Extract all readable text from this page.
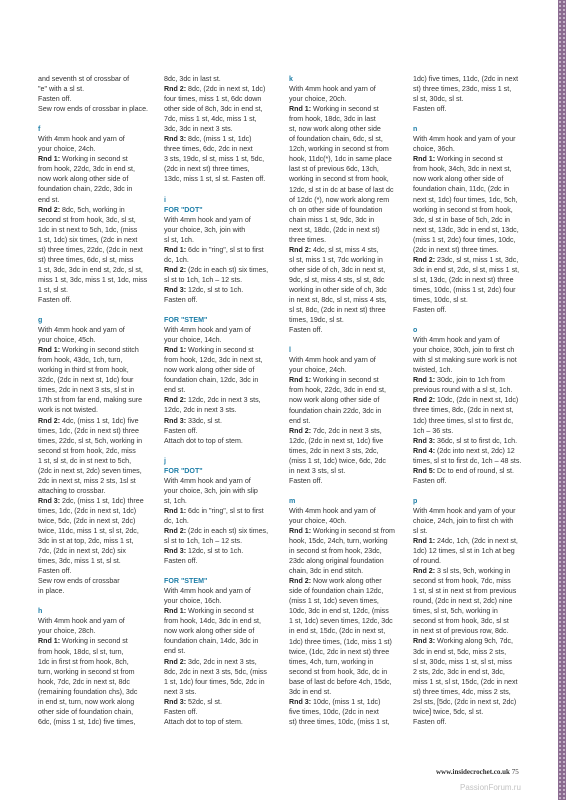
and seventh st of crossbar of

"e" with a sl st.

Fasten off.

Sew row ends of crossbar in place.

f

With 4mm hook and yarn of

your choice, 24ch.

Rnd 1: Working in second st

from hook, 22dc, 3dc in end st,

now work along other side of

foundation chain, 22dc, 3dc in

end st.

Rnd 2: 8dc, 5ch, working in

second st from hook, 3dc, sl st,

1dc in st next to 5ch, 1dc, (miss

1 st, 1dc) six times, (2dc in next

st) three times, 22dc, (2dc in next

st) three times, 6dc, sl st, miss

1 st, 3dc, 3dc in end st, 2dc, sl st,

miss 1 st, 3dc, miss 1 st, 1dc, miss

1 st, sl st.

Fasten off.

g

With 4mm hook and yarn of

your choice, 45ch.

Rnd 1: Working in second stitch

from hook, 43dc, 1ch, turn,

working in third st from hook,

32dc, (2dc in next st, 1dc) four

times, 2dc in next 3 sts, sl st in

17th st from far end, making sure

work is not twisted.

Rnd 2: 4dc, (miss 1 st, 1dc) five

times, 1dc, (2dc in next st) three

times, 22dc, sl st, 5ch, working in

second st from hook, 2dc, miss

1 st, sl st, dc in st next to 5ch,

(2dc in next st, 2dc) seven times,

2dc in next st, miss 2 sts, 1sl st

attaching to crossbar.

Rnd 3: 2dc, (miss 1 st, 1dc) three

times, 1dc, (2dc in next st, 1dc)

twice, 5dc, (2dc in next st, 2dc)

twice, 11dc, miss 1 st, sl st, 2dc,

3dc in st at top, 2dc, miss 1 st,

7dc, (2dc in next st, 2dc) six

times, 3dc, miss 1 st, sl st.

Fasten off.

Sew row ends of crossbar

in place.

h

With 4mm hook and yarn of

your choice, 28ch.

Rnd 1: Working in second st

from hook, 18dc, sl st, turn,

1dc in first st from hook, 8ch,

turn, working in second st from

hook, 7dc, 2dc in next st, 8dc

(remaining foundation chs), 3dc

in end st, turn, now work along

other side of foundation chain,

6dc, (miss 1 st, 1dc) five times,

8dc, 3dc in last st.

Rnd 2: 8dc, (2dc in next st, 1dc)

four times, miss 1 st, 6dc down

other side of 8ch, 3dc in end st,

7dc, miss 1 st, 4dc, miss 1 st,

3dc, 3dc in next 3 sts.

Rnd 3: 8dc, (miss 1 st, 1dc)

three times, 6dc, 2dc in next

3 sts, 19dc, sl st, miss 1 st, 5dc,

(2dc in next st) three times,

13dc, miss 1 st, sl st. Fasten off.

i

FOR "DOT"

With 4mm hook and yarn of

your choice, 3ch, join with

sl st, 1ch.

Rnd 1: 6dc in "ring", sl st to first

dc, 1ch.

Rnd 2: (2dc in each st) six times,

sl st to 1ch, 1ch – 12 sts.

Rnd 3: 12dc, sl st to 1ch.

Fasten off.

FOR "STEM"

With 4mm hook and yarn of

your choice, 14ch.

Rnd 1: Working in second st

from hook, 12dc, 3dc in next st,

now work along other side of

foundation chain, 12dc, 3dc in

end st.

Rnd 2: 12dc, 2dc in next 3 sts,

12dc, 2dc in next 3 sts.

Rnd 3: 33dc, sl st.

Fasten off.

Attach dot to top of stem.

j

FOR "DOT"

With 4mm hook and yarn of

your choice, 3ch, join with slip

st, 1ch.

Rnd 1: 6dc in "ring", sl st to first

dc, 1ch.

Rnd 2: (2dc in each st) six times,

sl st to 1ch, 1ch – 12 sts.

Rnd 3: 12dc, sl st to 1ch.

Fasten off.

FOR "STEM"

With 4mm hook and yarn of

your choice, 16ch.

Rnd 1: Working in second st

from hook, 14dc, 3dc in end st,

now work along other side of

foundation chain, 14dc, 3dc in

end st.

Rnd 2: 3dc, 2dc in next 3 sts,

8dc, 2dc in next 3 sts, 5dc, (miss

1 st, 1dc) four times, 5dc, 2dc in

next 3 sts.

Rnd 3: 52dc, sl st.

Fasten off.

Attach dot to top of stem.

k

With 4mm hook and yarn of

your choice, 20ch.

Rnd 1: Working in second st

from hook, 18dc, 3dc in last

st, now work along other side

of foundation chain, 6dc, sl st,

12ch, working in second st from

hook, 11dc(*), 1dc in same place

last st of previous 6dc, 13ch,

working in second st from hook,

12dc, sl st in dc at base of last dc

of 12dc (*), now work along rem

ch on other side of foundation

chain miss 1 st, 9dc, 3dc in

next st, 18dc, (2dc in next st)

three times.

Rnd 2: 4dc, sl st, miss 4 sts,

sl st, miss 1 st, 7dc working in

other side of ch, 3dc in next st,

9dc, sl st, miss 4 sts, sl st, 8dc

working in other side of ch, 3dc

in next st, 8dc, sl st, miss 4 sts,

sl st, 8dc, (2dc in next st) three

times, 19dc, sl st.

Fasten off.

l

With 4mm hook and yarn of

your choice, 24ch.

Rnd 1: Working in second st

from hook, 22dc, 3dc in end st,

now work along other side of

foundation chain 22dc, 3dc in

end st.

Rnd 2: 7dc, 2dc in next 3 sts,

12dc, (2dc in next st, 1dc) five

times, 2dc in next 3 sts, 2dc,

(miss 1 st, 1dc) twice, 6dc, 2dc

in next 3 sts, sl st.

Fasten off.

m

With 4mm hook and yarn of

your choice, 40ch.

Rnd 1: Working in second st from

hook, 15dc, 24ch, turn, working

in second st from hook, 23dc,

23dc along original foundation

chain, 3dc in end stitch.

Rnd 2: Now work along other

side of foundation chain 12dc,

(miss 1 st, 1dc) seven times,

10dc, 3dc in end st, 12dc, (miss

1 st, 1dc) seven times, 12dc, 3dc

in end st, 15dc, (2dc in next st,

1dc) three times, (1dc, miss 1 st)

twice, (1dc, 2dc in next st) three

times, 4ch, turn, working in

second st from hook, 3dc, dc in

base of last dc before 4ch, 15dc,

3dc in end st.

Rnd 3: 10dc, (miss 1 st, 1dc)

five times, 10dc, (2dc in next

st) three times, 10dc, (miss 1 st,

1dc) five times, 11dc, (2dc in next

st) three times, 23dc, miss 1 st,

sl st, 30dc, sl st.

Fasten off.

n

With 4mm hook and yarn of your

choice, 36ch.

Rnd 1: Working in second st

from hook, 34ch, 3dc in next st,

now work along other side of

foundation chain, 11dc, (2dc in

next st, 1dc) four times, 1dc, 5ch,

working in second st from hook,

3dc, sl st in base of 5ch, 2dc in

next st, 13dc, 3dc in end st, 13dc,

(miss 1 st, 2dc) four times, 10dc,

(2dc in next st) three times.

Rnd 2: 23dc, sl st, miss 1 st, 3dc,

3dc in end st, 2dc, sl st, miss 1 st,

sl st, 13dc, (2dc in next st) three

times, 10dc, (miss 1 st, 2dc) four

times, 10dc, sl st.

Fasten off.

o

With 4mm hook and yarn of

your choice, 30ch, join to first ch

with sl st making sure work is not

twisted, 1ch.

Rnd 1: 30dc, join to 1ch from

previous round with a sl st, 1ch.

Rnd 2: 10dc, (2dc in next st, 1dc)

three times, 8dc, (2dc in next st,

1dc) three times, sl st to first dc,

1ch – 36 sts.

Rnd 3: 36dc, sl st to first dc, 1ch.

Rnd 4: (2dc into next st, 2dc) 12

times, sl st to first dc, 1ch – 48 sts.

Rnd 5: Dc to end of round, sl st.

Fasten off.

p

With 4mm hook and yarn of your

choice, 24ch, join to first ch with

sl st.

Rnd 1: 24dc, 1ch, (2dc in next st,

1dc) 12 times, sl st in 1ch at beg

of round.

Rnd 2: 3 sl sts, 9ch, working in

second st from hook, 7dc, miss

1 st, sl st in next st from previous

round, (2dc in next st, 2dc) nine

times, sl st, 5ch, working in

second st from hook, 3dc, sl st

in next st of previous row, 8dc.

Rnd 3: Working along 9ch, 7dc,

3dc in end st, 5dc, miss 2 sts,

sl st, 30dc, miss 1 st, sl st, miss

2 sts, 2dc, 3dc in end st, 3dc,

miss 1 st, sl st, 15dc, (2dc in next

st) three times, 4dc, miss 2 sts,

2sl sts, [5dc, (2dc in next st, 2dc)

twice] twice, 5dc, sl st.

Fasten off.

www.insidecrochet.co.uk 75
PassionForum.ru
